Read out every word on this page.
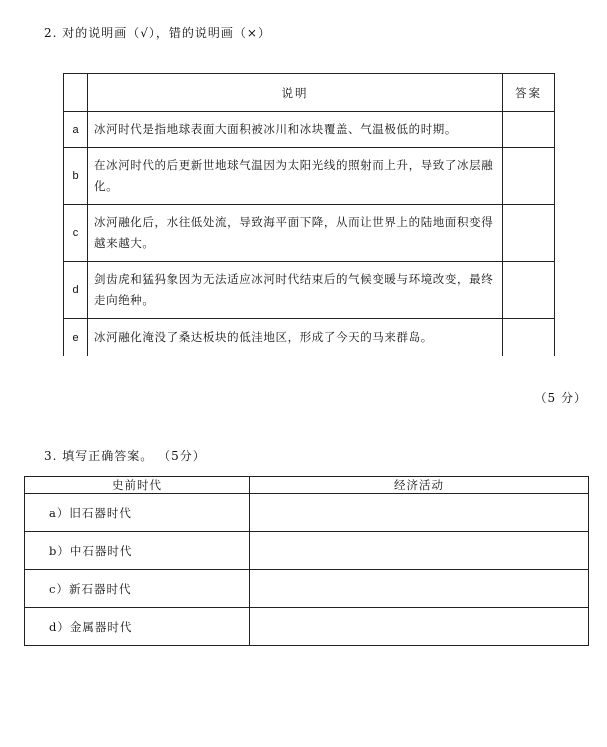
2. 对的说明画（√），错的说明画（×）
	说明	答案
a	冰河时代是指地球表面大面积被冰川和冰块覆盖、气温极低的时期。	
b	在冰河时代的后更新世地球气温因为太阳光线的照射而上升，导致了冰层融化。	
c	冰河融化后，水往低处流，导致海平面下降，从而让世界上的陆地面积变得越来越大。	
d	剑齿虎和猛犸象因为无法适应冰河时代结束后的气候变暖与环境改变，最终走向绝种。	
e	冰河融化淹没了桑达板块的低洼地区，形成了今天的马来群岛。	
（5 分）
3. 填写正确答案。 （5分）
史前时代	经济活动
a）旧石器时代	
b）中石器时代	
c）新石器时代	
d）金属器时代	
